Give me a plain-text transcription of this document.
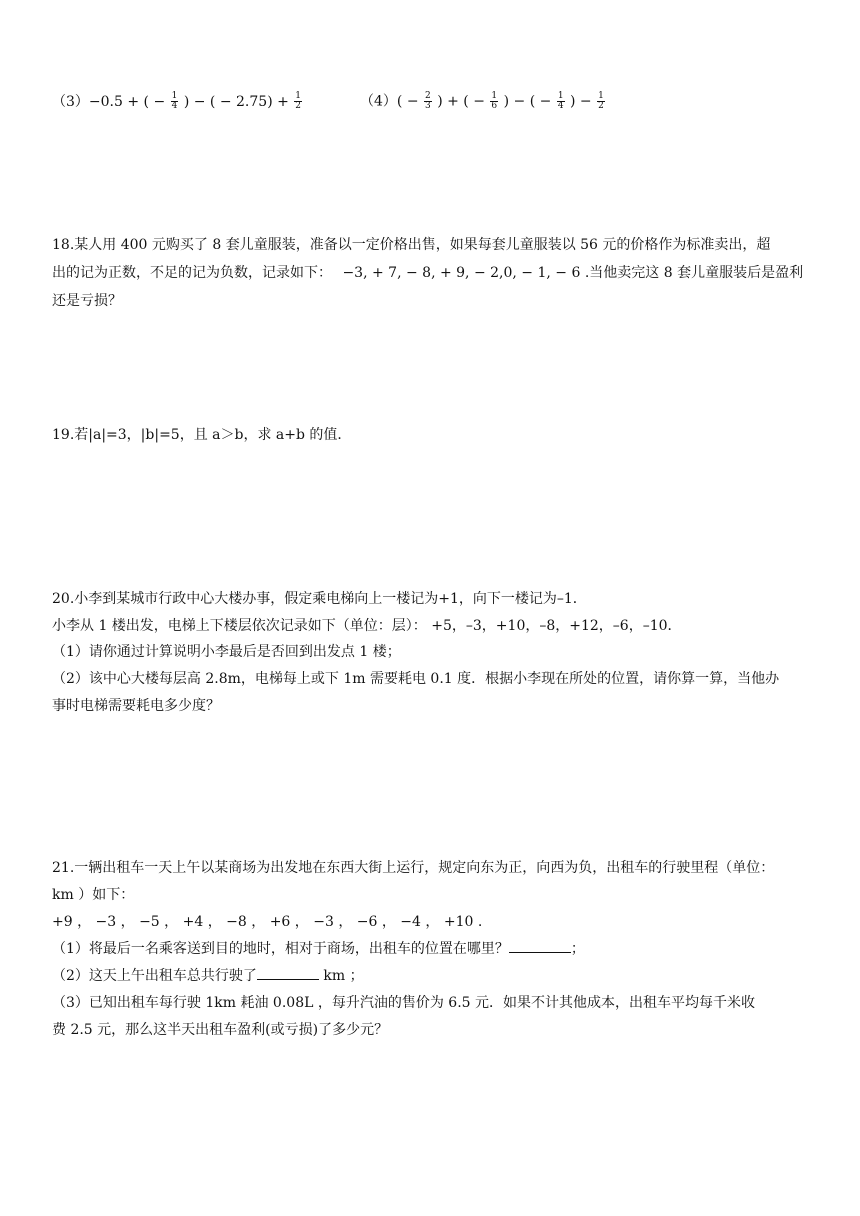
（3）−0.5 + ( − $\frac{1}{4}$ ) − ( − $2.75) + \frac{1}{2}$	$(4)( - \frac{2}{3}$ ) + ( − $\frac{1}{6}$ ) − ( − $\frac{1}{4}$ ) − $\frac{1}{2}$
18.某人用 400 元购买了 8 套儿童服装，准备以一定价格出售，如果每套儿童服装以 56 元的价格作为标准卖出，超
出的记为正数，不足的记为负数，记录如下： −3, + 7, − 8, + 9, − 2,0, − 1, − 6 .当他卖完这 8 套儿童服装后是盈利
还是亏损？
19.若|a|=3，|b|=5，且 a＞b，求 a+b 的值．
20.小李到某城市行政中心大楼办事，假定乘电梯向上一楼记为+1，向下一楼记为–1．
小李从 1 楼出发，电梯上下楼层依次记录如下（单位：层）： +5，–3，+10，–8，+12，–6，–10．
（1）请你通过计算说明小李最后是否回到出发点 1 楼；
（2）该中心大楼每层高 2.8m，电梯每上或下 1m 需要耗电 0.1 度．根据小李现在所处的位置，请你算一算，当他办
事时电梯需要耗电多少度？
21.一辆出租车一天上午以某商场为出发地在东西大街上运行，规定向东为正，向西为负，出租车的行驶里程（单位：
km ）如下：
+9 ， −3 ， −5 ， +4 ， −8 ， +6 ， −3 ， −6 ， −4 ， +10 .
（1）将最后一名乘客送到目的地时，相对于商场，出租车的位置在哪里？	；
（2）这天上午出租车总共行驶了	km ；
（3）已知出租车每行驶 1km 耗油 0.08L ，每升汽油的售价为 6.5 元．如果不计其他成本，出租车平均每千米收
费 2.5 元，那么这半天出租车盈利(或亏损)了多少元？
